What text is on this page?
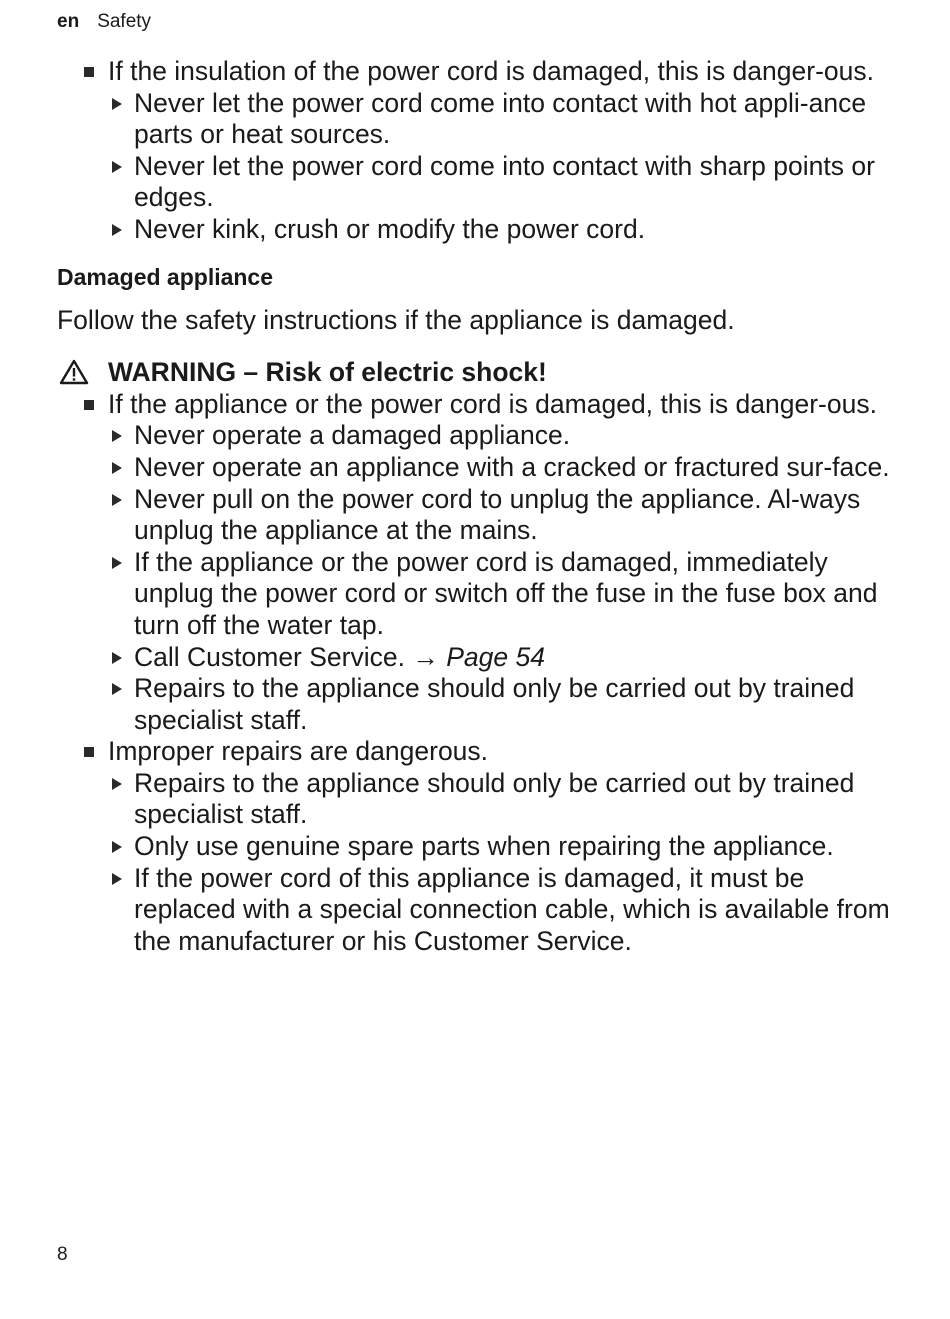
en Safety
If the insulation of the power cord is damaged, this is danger-ous.
Never let the power cord come into contact with hot appli-ance parts or heat sources.
Never let the power cord come into contact with sharp points or edges.
Never kink, crush or modify the power cord.
Damaged appliance
Follow the safety instructions if the appliance is damaged.
WARNING – Risk of electric shock!
If the appliance or the power cord is damaged, this is danger-ous.
Never operate a damaged appliance.
Never operate an appliance with a cracked or fractured sur-face.
Never pull on the power cord to unplug the appliance. Al-ways unplug the appliance at the mains.
If the appliance or the power cord is damaged, immediately unplug the power cord or switch off the fuse in the fuse box and turn off the water tap.
Call Customer Service. → Page 54
Repairs to the appliance should only be carried out by trained specialist staff.
Improper repairs are dangerous.
Repairs to the appliance should only be carried out by trained specialist staff.
Only use genuine spare parts when repairing the appliance.
If the power cord of this appliance is damaged, it must be replaced with a special connection cable, which is available from the manufacturer or his Customer Service.
8
